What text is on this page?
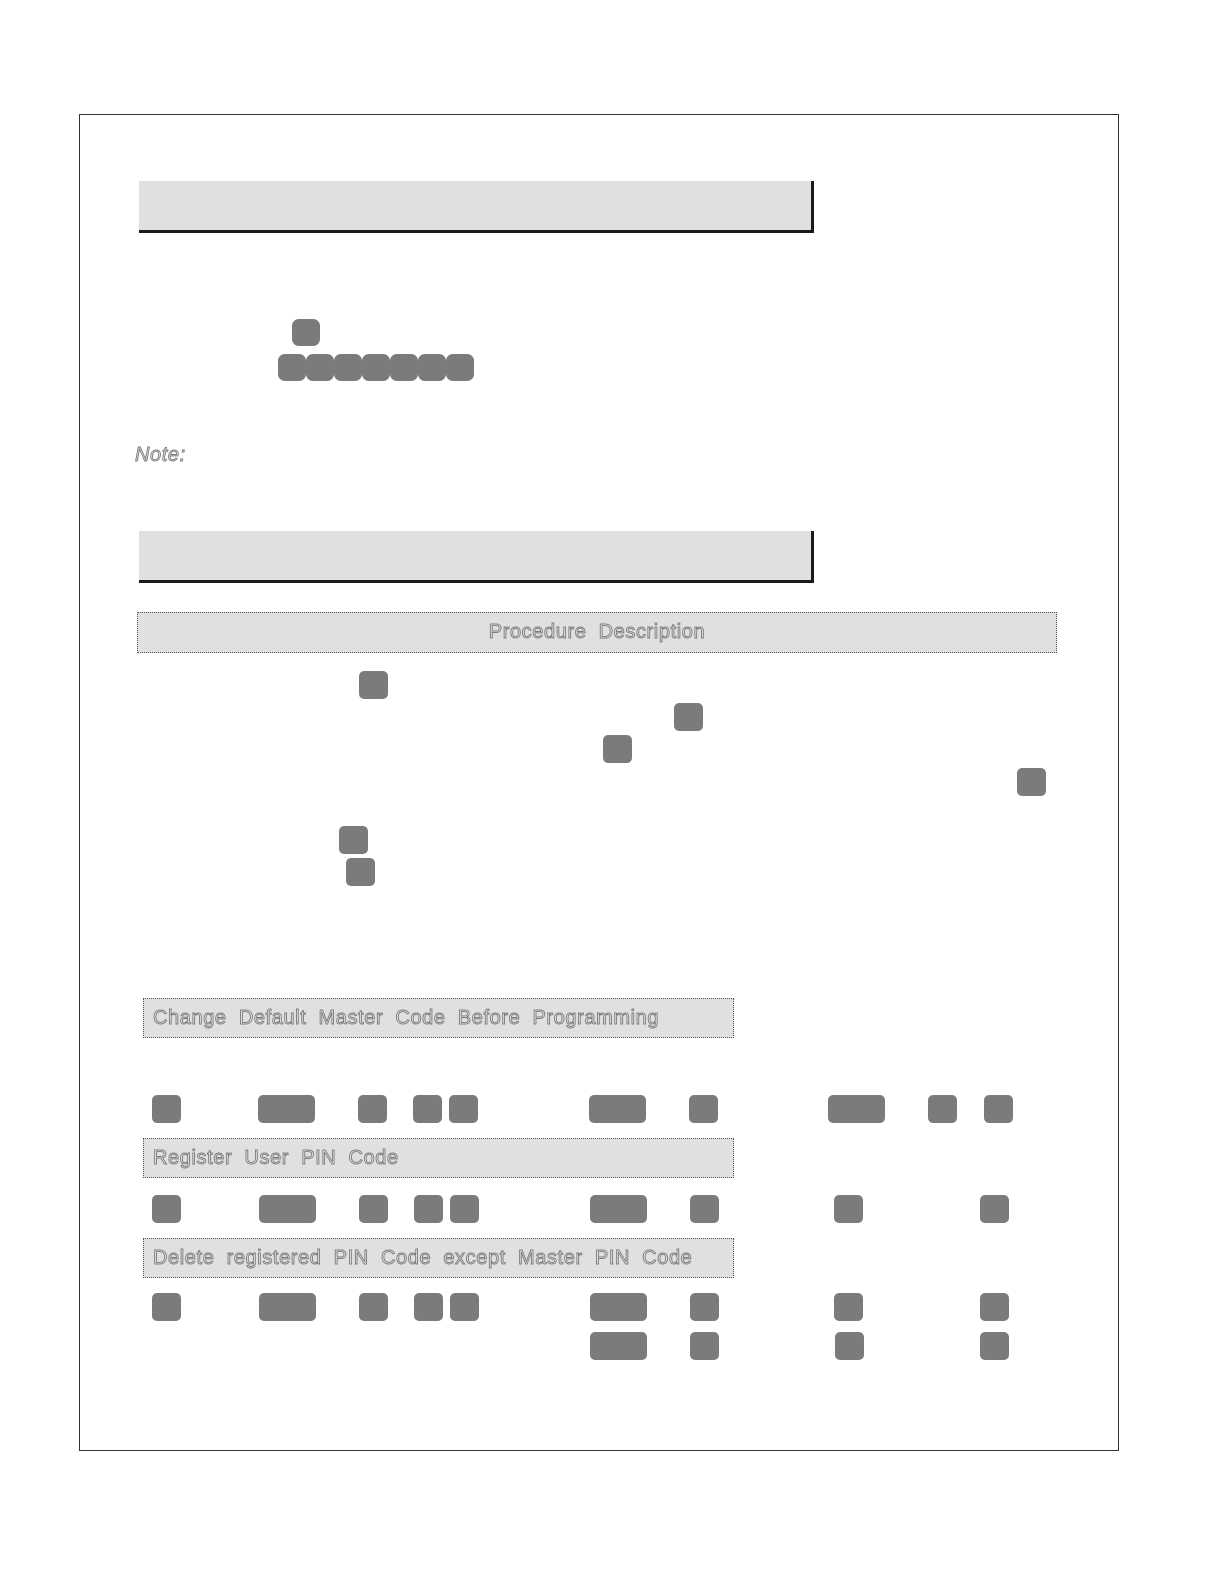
Note:
Procedure Description
Change Default Master Code Before Programming
Register User PIN Code
Delete registered PIN Code except Master PIN Code
